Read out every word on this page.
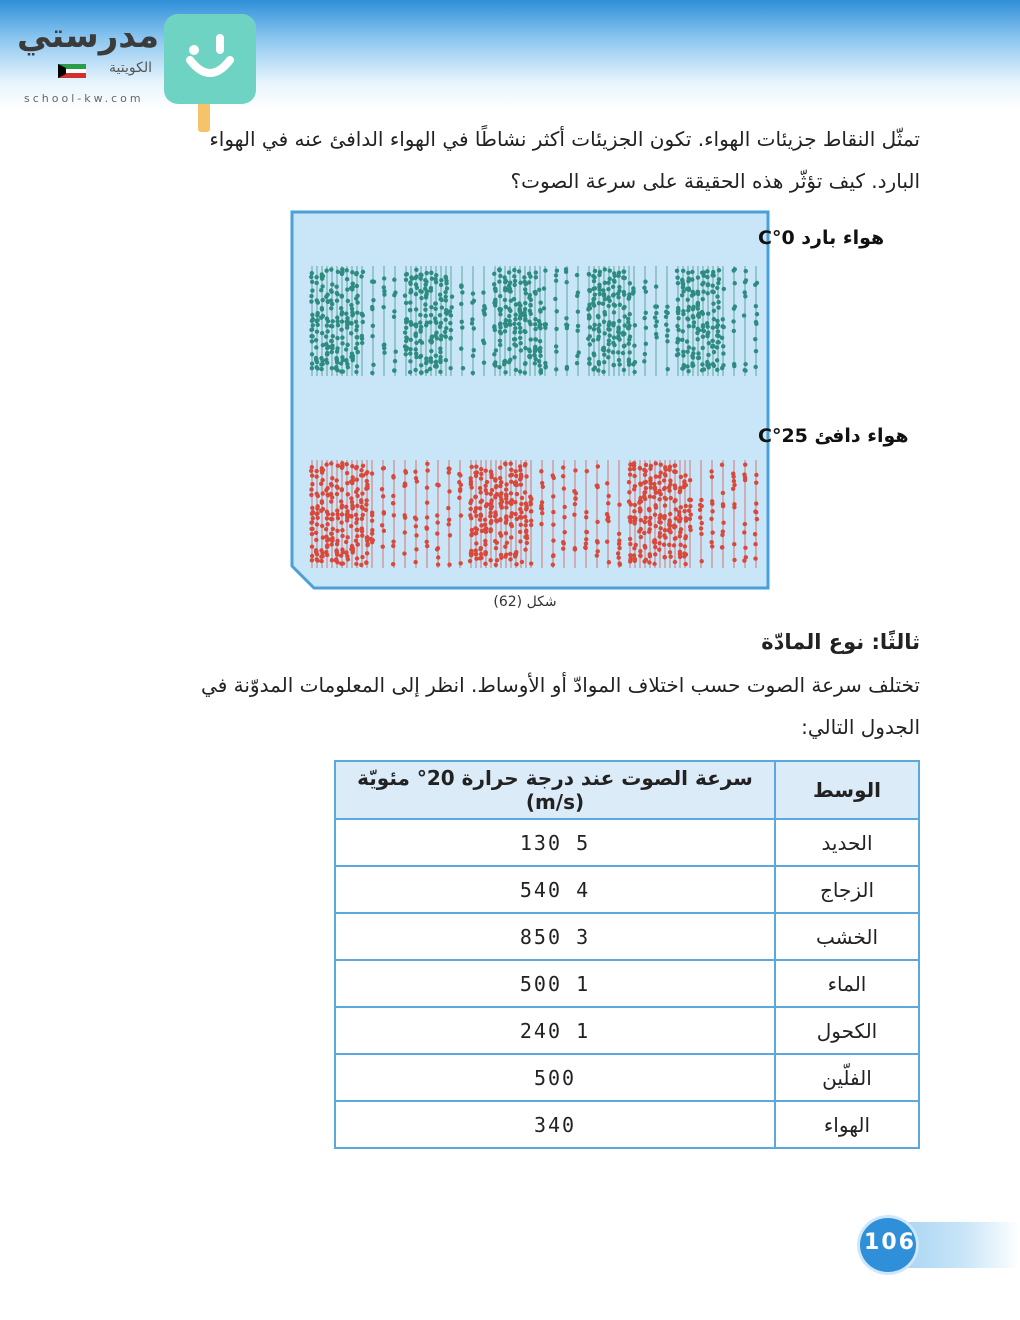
مدرستي
الكويتية
school-kw.com
تمثّل النقاط جزيئات الهواء. تكون الجزيئات أكثر نشاطًا في الهواء الدافئ عنه في الهواء
البارد. كيف تؤثّر هذه الحقيقة على سرعة الصوت؟
هواء بارد 0°C
هواء دافئ 25°C
شكل (62)
ثالثًا: نوع المادّة
تختلف سرعة الصوت حسب اختلاف الموادّ أو الأوساط. انظر إلى المعلومات المدوّنة في
الجدول التالي:
الوسط	سرعة الصوت عند درجة حرارة 20° مئويّة (m/s)
الحديد	5 130
الزجاج	4 540
الخشب	3 850
الماء	1 500
الكحول	1 240
الفلّين	500
الهواء	340
106
